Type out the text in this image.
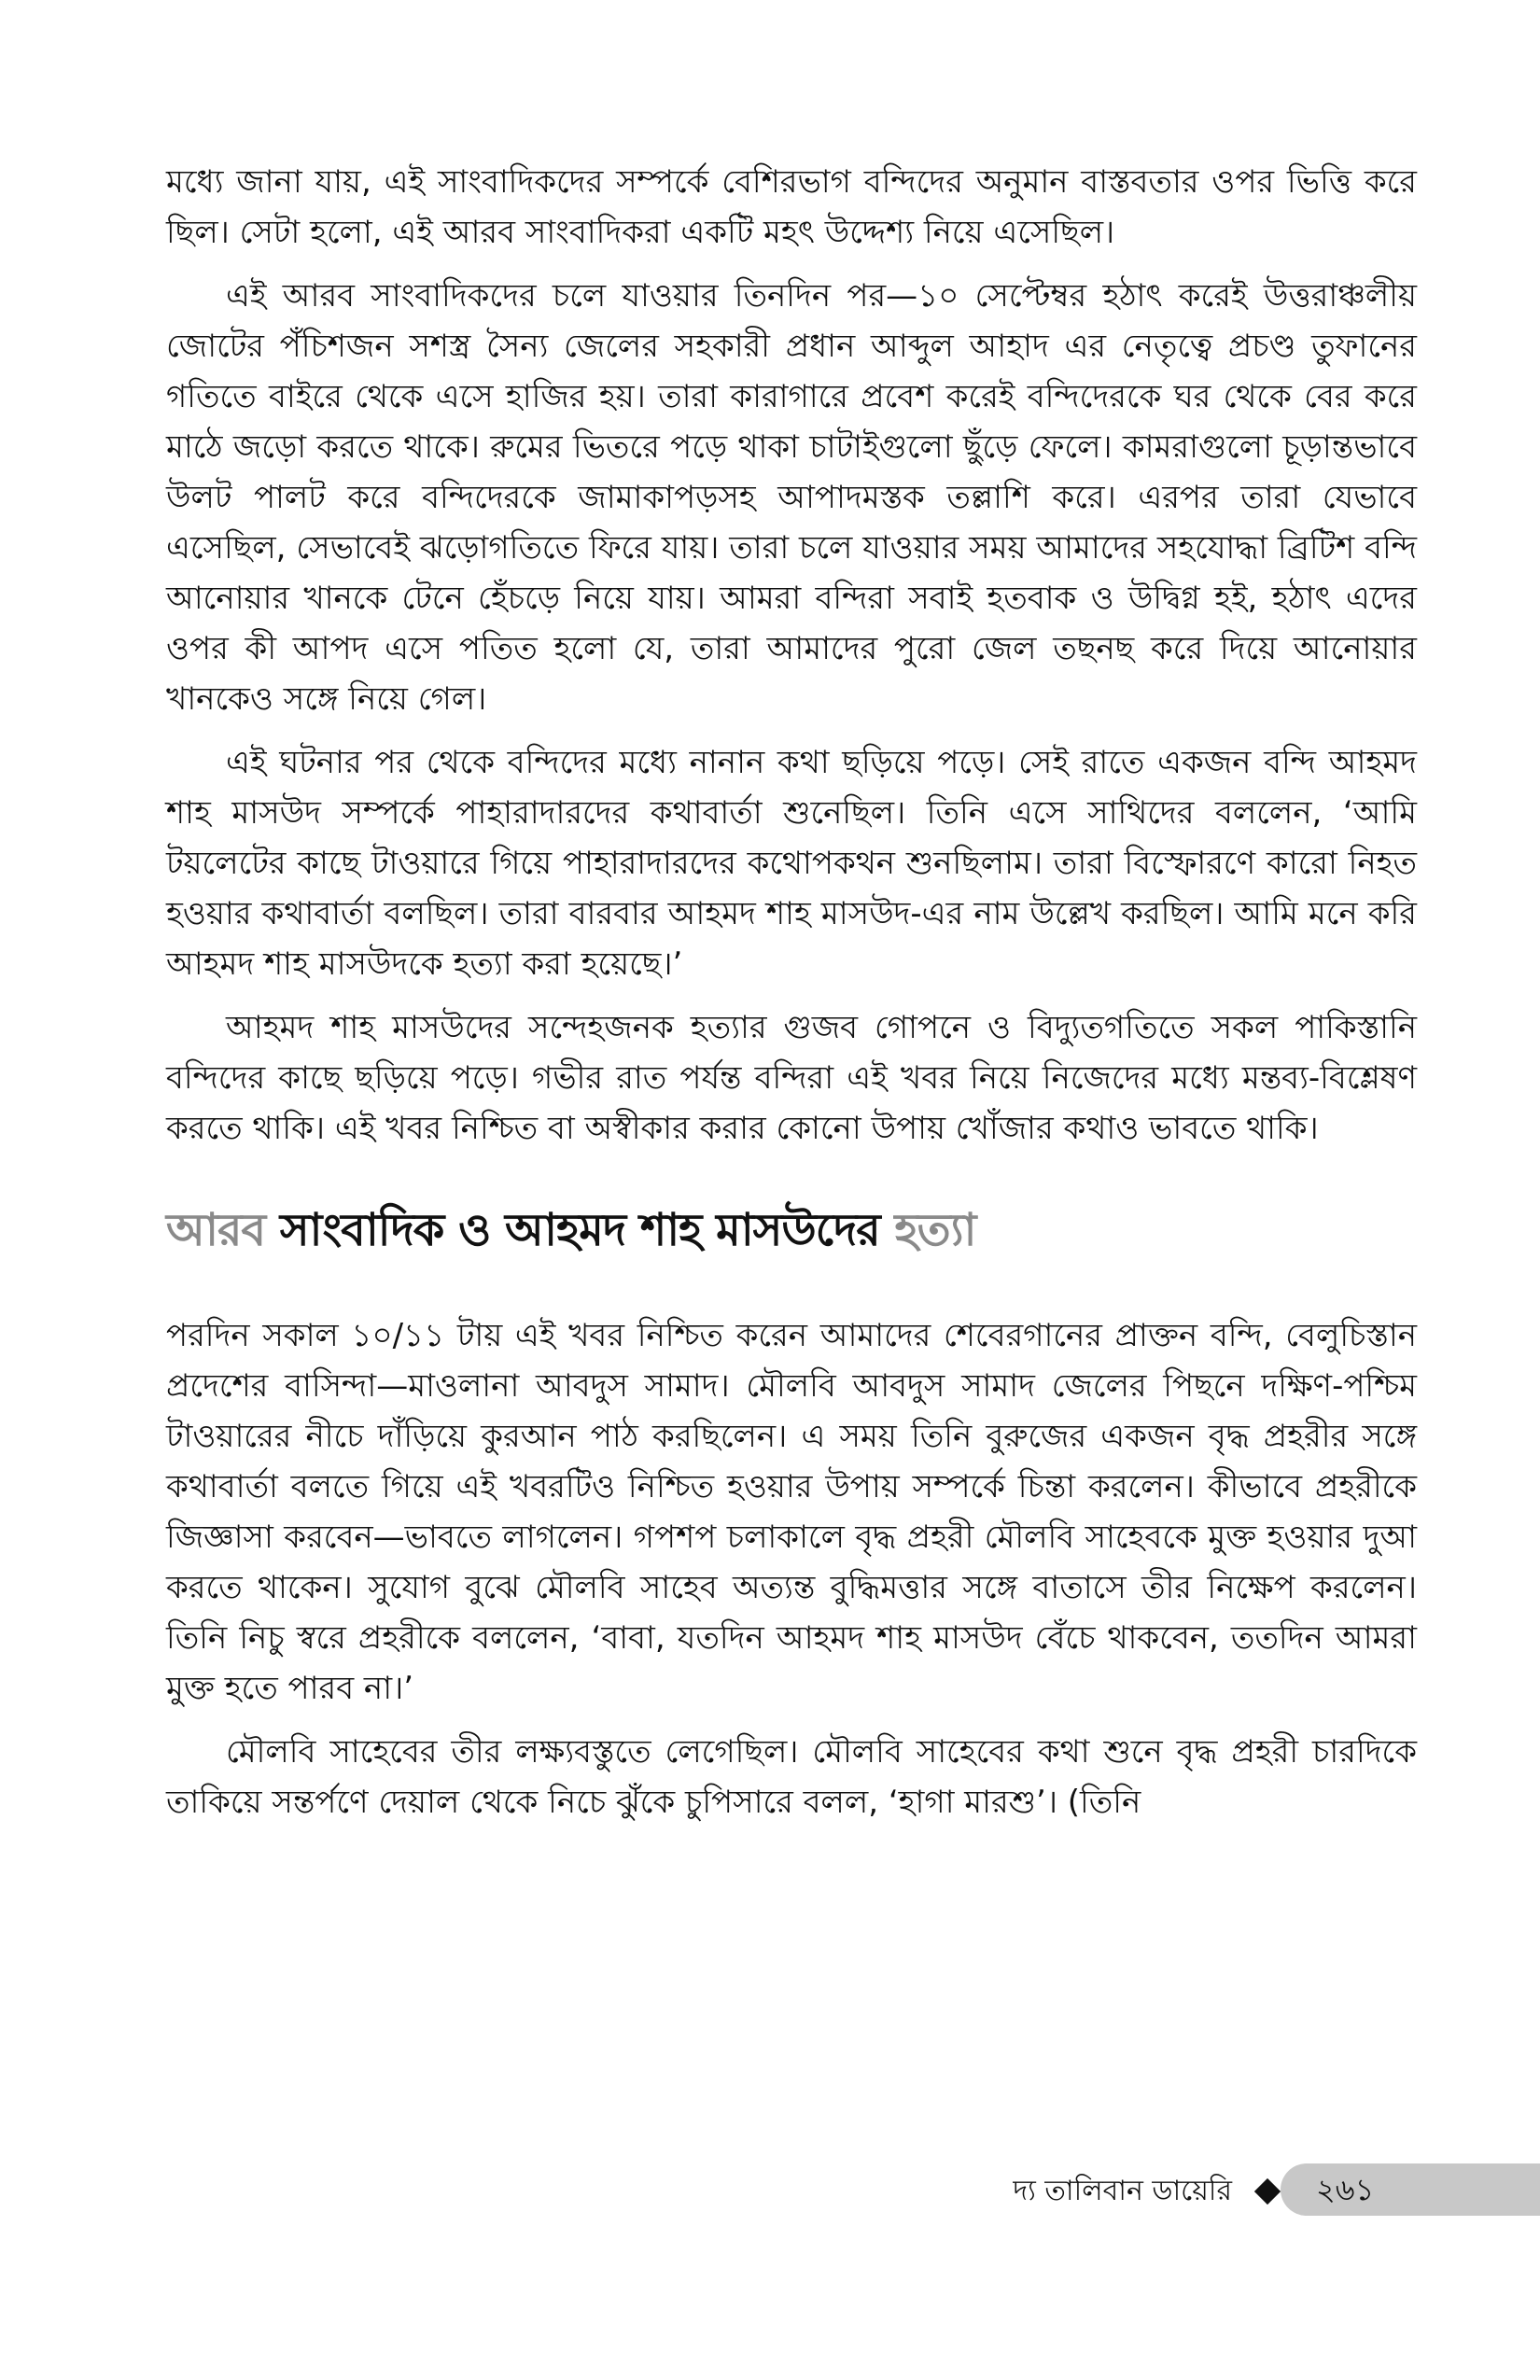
মধ্যে জানা যায়, এই সাংবাদিকদের সম্পর্কে বেশিরভাগ বন্দিদের অনুমান বাস্তবতার ওপর ভিত্তি করে ছিল। সেটা হলো, এই আরব সাংবাদিকরা একটি মহৎ উদ্দেশ্য নিয়ে এসেছিল।

এই আরব সাংবাদিকদের চলে যাওয়ার তিনদিন পর—১০ সেপ্টেম্বর হঠাৎ করেই উত্তরাঞ্চলীয় জোটের পঁচিশজন সশস্ত্র সৈন্য জেলের সহকারী প্রধান আব্দুল আহাদ এর নেতৃত্বে প্রচণ্ড তুফানের গতিতে বাইরে থেকে এসে হাজির হয়। তারা কারাগারে প্রবেশ করেই বন্দিদেরকে ঘর থেকে বের করে মাঠে জড়ো করতে থাকে। রুমের ভিতরে পড়ে থাকা চাটাইগুলো ছুঁড়ে ফেলে। কামরাগুলো চূড়ান্তভাবে উলট পালট করে বন্দিদেরকে জামাকাপড়সহ আপাদমস্তক তল্লাশি করে। এরপর তারা যেভাবে এসেছিল, সেভাবেই ঝড়োগতিতে ফিরে যায়। তারা চলে যাওয়ার সময় আমাদের সহযোদ্ধা ব্রিটিশ বন্দি আনোয়ার খানকে টেনে হেঁচড়ে নিয়ে যায়। আমরা বন্দিরা সবাই হতবাক ও উদ্বিগ্ন হই, হঠাৎ এদের ওপর কী আপদ এসে পতিত হলো যে, তারা আমাদের পুরো জেল তছনছ করে দিয়ে আনোয়ার খানকেও সঙ্গে নিয়ে গেল।

এই ঘটনার পর থেকে বন্দিদের মধ্যে নানান কথা ছড়িয়ে পড়ে। সেই রাতে একজন বন্দি আহমদ শাহ মাসউদ সম্পর্কে পাহারাদারদের কথাবার্তা শুনেছিল। তিনি এসে সাথিদের বললেন, ‘আমি টয়লেটের কাছে টাওয়ারে গিয়ে পাহারাদারদের কথোপকথন শুনছিলাম। তারা বিস্ফোরণে কারো নিহত হওয়ার কথাবার্তা বলছিল। তারা বারবার আহমদ শাহ মাসউদ-এর নাম উল্লেখ করছিল। আমি মনে করি আহমদ শাহ মাসউদকে হত্যা করা হয়েছে।’

আহমদ শাহ মাসউদের সন্দেহজনক হত্যার গুজব গোপনে ও বিদ্যুতগতিতে সকল পাকিস্তানি বন্দিদের কাছে ছড়িয়ে পড়ে। গভীর রাত পর্যন্ত বন্দিরা এই খবর নিয়ে নিজেদের মধ্যে মন্তব্য-বিশ্লেষণ করতে থাকি। এই খবর নিশ্চিত বা অস্বীকার করার কোনো উপায় খোঁজার কথাও ভাবতে থাকি।

আরব সাংবাদিক ও আহমদ শাহ মাসউদের হত্যা

পরদিন সকাল ১০/১১ টায় এই খবর নিশ্চিত করেন আমাদের শেবেরগানের প্রাক্তন বন্দি, বেলুচিস্তান প্রদেশের বাসিন্দা—মাওলানা আবদুস সামাদ। মৌলবি আবদুস সামাদ জেলের পিছনে দক্ষিণ-পশ্চিম টাওয়ারের নীচে দাঁড়িয়ে কুরআন পাঠ করছিলেন। এ সময় তিনি বুরুজের একজন বৃদ্ধ প্রহরীর সঙ্গে কথাবার্তা বলতে গিয়ে এই খবরটিও নিশ্চিত হওয়ার উপায় সম্পর্কে চিন্তা করলেন। কীভাবে প্রহরীকে জিজ্ঞাসা করবেন—ভাবতে লাগলেন। গপশপ চলাকালে বৃদ্ধ প্রহরী মৌলবি সাহেবকে মুক্ত হওয়ার দুআ করতে থাকেন। সুযোগ বুঝে মৌলবি সাহেব অত্যন্ত বুদ্ধিমত্তার সঙ্গে বাতাসে তীর নিক্ষেপ করলেন। তিনি নিচু স্বরে প্রহরীকে বললেন, ‘বাবা, যতদিন আহমদ শাহ মাসউদ বেঁচে থাকবেন, ততদিন আমরা মুক্ত হতে পারব না।’

মৌলবি সাহেবের তীর লক্ষ্যবস্তুতে লেগেছিল। মৌলবি সাহেবের কথা শুনে বৃদ্ধ প্রহরী চারদিকে তাকিয়ে সন্তর্পণে দেয়াল থেকে নিচে ঝুঁকে চুপিসারে বলল, ‘হাগা মারশু’। (তিনি

দ্য তালিবান ডায়েরি	২৬১
